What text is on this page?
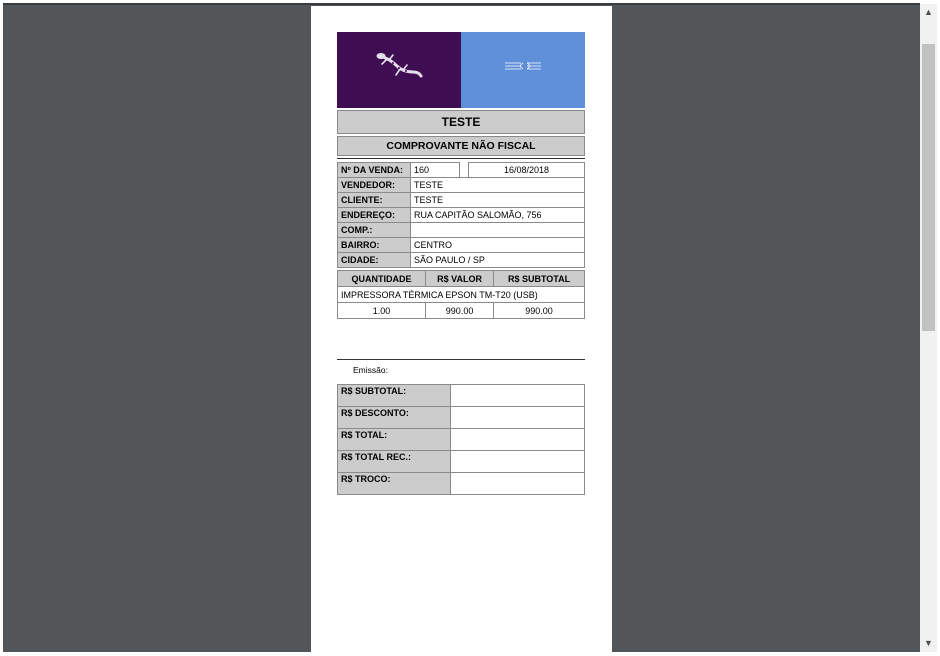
▲
▼
TESTE
COMPROVANTE NÃO FISCAL
Nº DA VENDA:	160		16/08/2018
VENDEDOR:	TESTE		
CLIENTE:	TESTE		
ENDEREÇO:	RUA CAPITÃO SALOMÃO, 756		
COMP.:			
BAIRRO:	CENTRO		
CIDADE:	SÃO PAULO / SP		
QUANTIDADE	R$ VALOR	R$ SUBTOTAL
IMPRESSORA TÉRMICA EPSON TM-T20 (USB)		
1.00	990.00	990.00
Emissão:
R$ SUBTOTAL:	
R$ DESCONTO:	
R$ TOTAL:	
R$ TOTAL REC.:	
R$ TROCO:	
